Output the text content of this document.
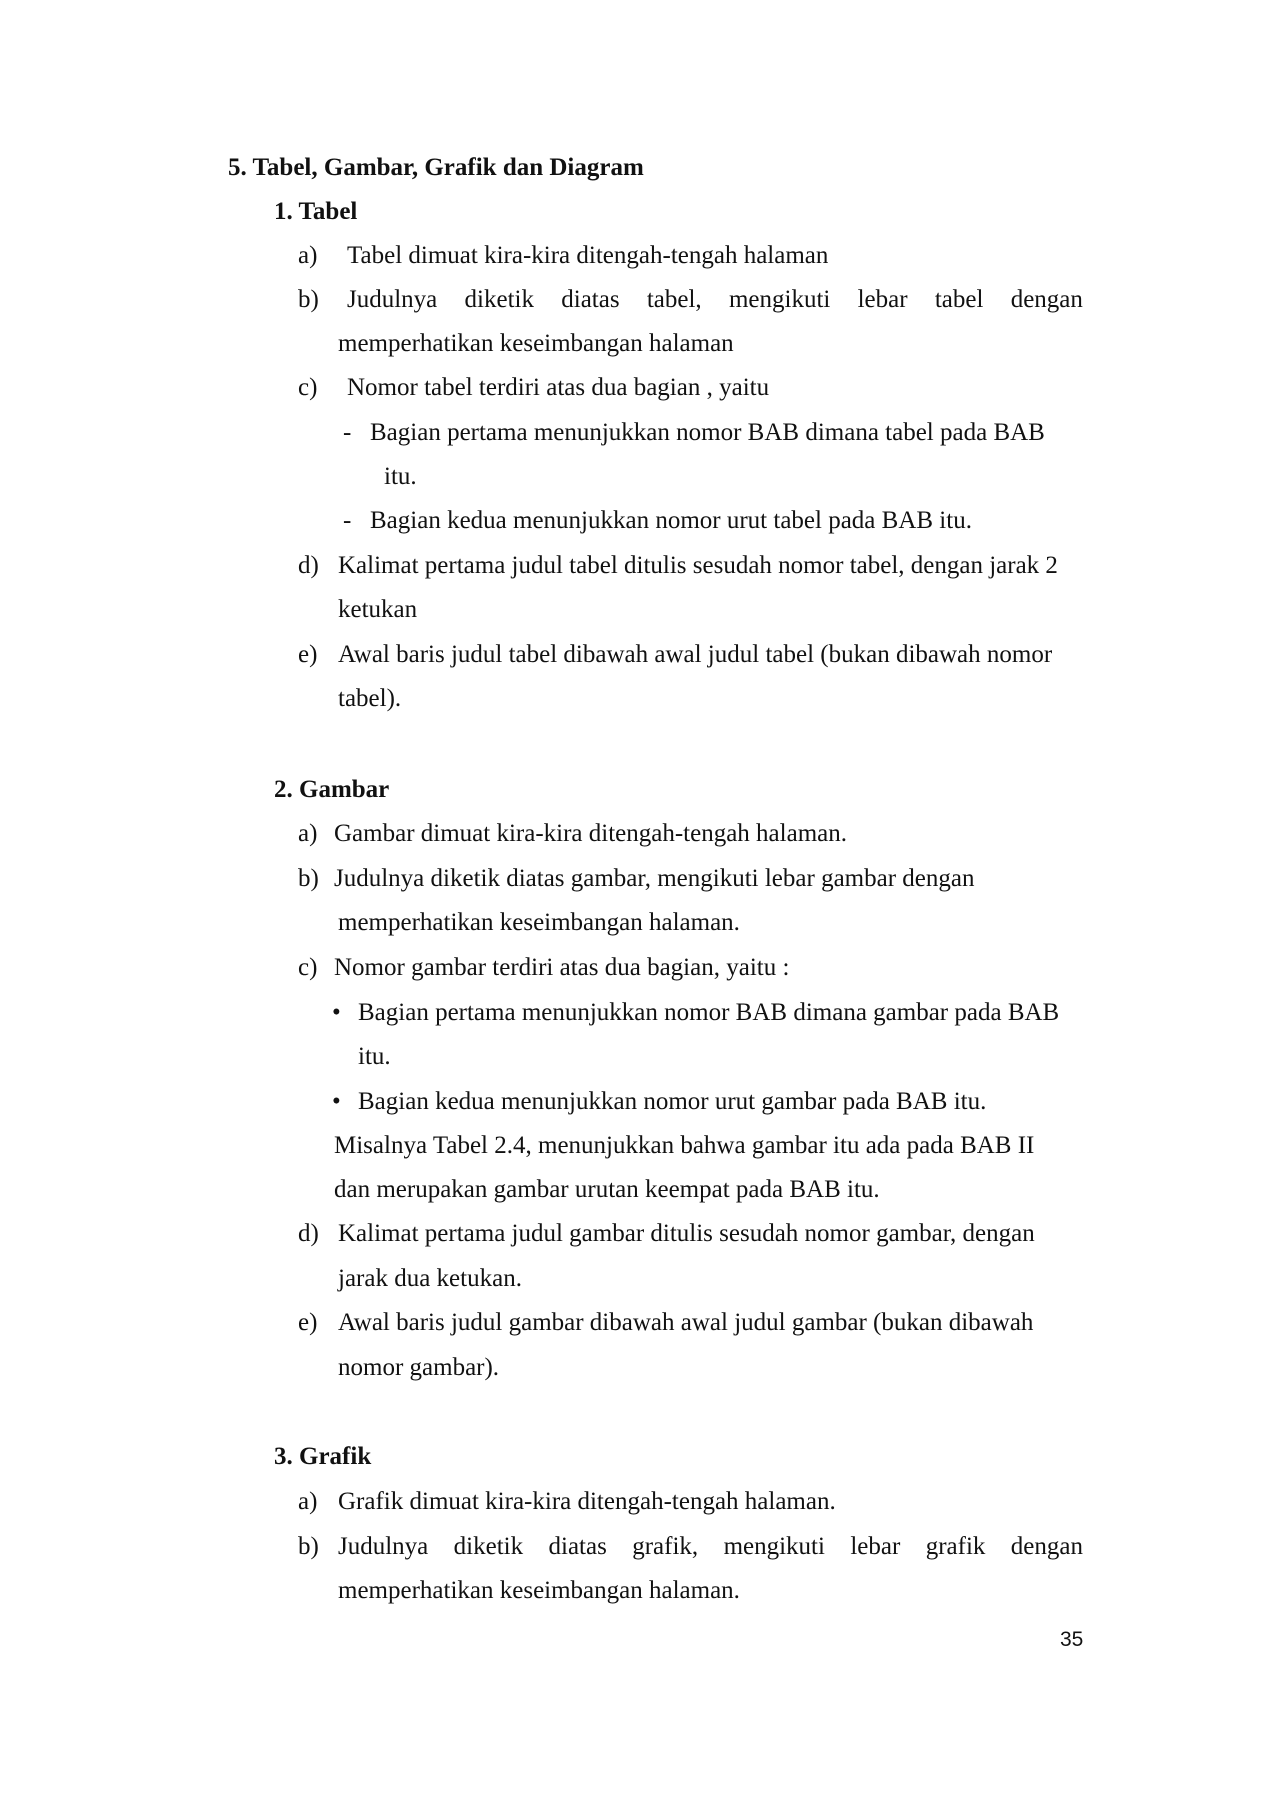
5. Tabel, Gambar, Grafik dan Diagram
1. Tabel
a) Tabel dimuat kira-kira ditengah-tengah halaman
b) Judulnya diketik diatas tabel, mengikuti lebar tabel dengan
memperhatikan keseimbangan halaman
c) Nomor tabel terdiri atas dua bagian , yaitu
- Bagian pertama menunjukkan nomor BAB dimana tabel pada BAB
itu.
- Bagian kedua menunjukkan nomor urut tabel pada BAB itu.
d) Kalimat pertama judul tabel ditulis sesudah nomor tabel, dengan jarak 2
ketukan
e) Awal baris judul tabel dibawah awal judul tabel (bukan dibawah nomor
tabel).
2. Gambar
a) Gambar dimuat kira-kira ditengah-tengah halaman.
b) Judulnya diketik diatas gambar, mengikuti lebar gambar dengan
memperhatikan keseimbangan halaman.
c) Nomor gambar terdiri atas dua bagian, yaitu :
• Bagian pertama menunjukkan nomor BAB dimana gambar pada BAB
itu.
• Bagian kedua menunjukkan nomor urut gambar pada BAB itu.
Misalnya Tabel 2.4, menunjukkan bahwa gambar itu ada pada BAB II
dan merupakan gambar urutan keempat pada BAB itu.
d) Kalimat pertama judul gambar ditulis sesudah nomor gambar, dengan
jarak dua ketukan.
e) Awal baris judul gambar dibawah awal judul gambar (bukan dibawah
nomor gambar).
3. Grafik
a) Grafik dimuat kira-kira ditengah-tengah halaman.
b) Judulnya diketik diatas grafik, mengikuti lebar grafik dengan
memperhatikan keseimbangan halaman.
35
